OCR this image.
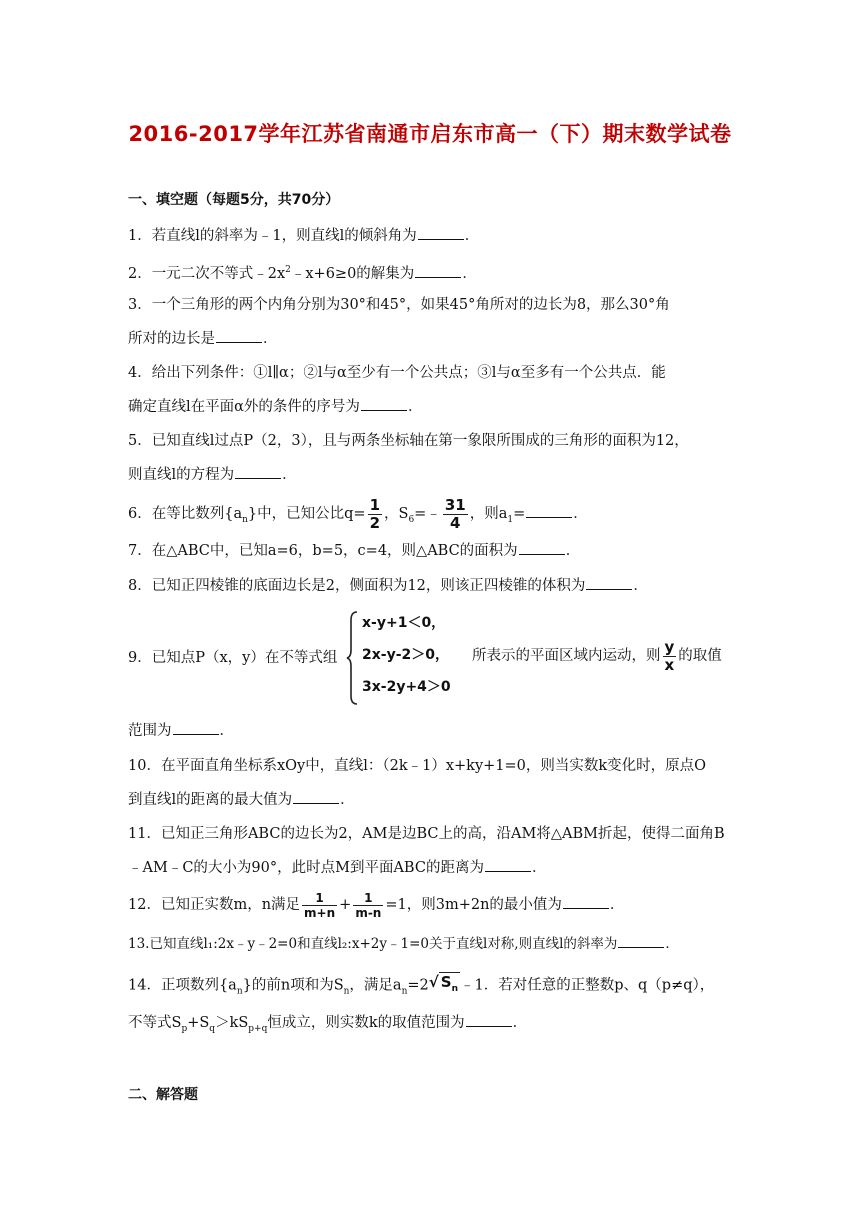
2016-2017学年江苏省南通市启东市高一（下）期末数学试卷
一、填空题（每题5分，共70分）
1．若直线l的斜率为﹣1，则直线l的倾斜角为	．
2．一元二次不等式$﹣2x^2﹣x+6\ge 0$的解集为	．
3．一个三角形的两个内角分别为30°和45°，如果45°角所对的边长为8，那么30°角
所对的边长是	．
4．给出下列条件：①l∥α；②l与α至少有一个公共点；③l与α至多有一个公共点．能
确定直线l在平面α外的条件的序号为	．
5．已知直线l过点P（2，3），且与两条坐标轴在第一象限所围成的三角形的面积为12，
则直线l的方程为	．
6．在等比数列$\{a_n\}$中，已知公比$q= \frac{1}{2}$ ，$S_6=﹣ \frac{31}{4}$ ，则$a_1=$	．
7．在△ABC中，已知a=6，b=5，c=4，则△ABC的面积为	．
8．已知正四棱锥的底面边长是2，侧面积为12，则该正四棱锥的体积为	．
9．已知点P（x，y）在不等式组
x-y+1＜0，
2x-y-2＞0，
3x-2y+4＞0
所表示的平面区域内运动，则 $\frac{y}{x}$ 的取值
范围为	．
10．在平面直角坐标系xOy中，直线l：（2k﹣1）x+ky+1=0，则当实数k变化时，原点O
到直线l的距离的最大值为	．
11．已知正三角形ABC的边长为2，AM是边BC上的高，沿AM将△ABM折起，使得二面角B
﹣AM﹣C的大小为90°，此时点M到平面ABC的距离为	．
12．已知正实数m，n满足 $\frac{1}{m+n} + \frac{1}{m-n} =1$，则3m+2n的最小值为	．
13.已知直线l₁:2x﹣y﹣2=0和直线l₂:x+2y﹣1=0关于直线l对称,则直线l的斜率为	．
14．正项数列$\{a_n\}$的前n项和为$S_n$，满足$a_n=2√$ $S_n$ ﹣1．若对任意的正整数p、q（p≠q），
不等式$S_p+S_q>kS_{p+q}$恒成立，则实数k的取值范围为	．
二、解答题
